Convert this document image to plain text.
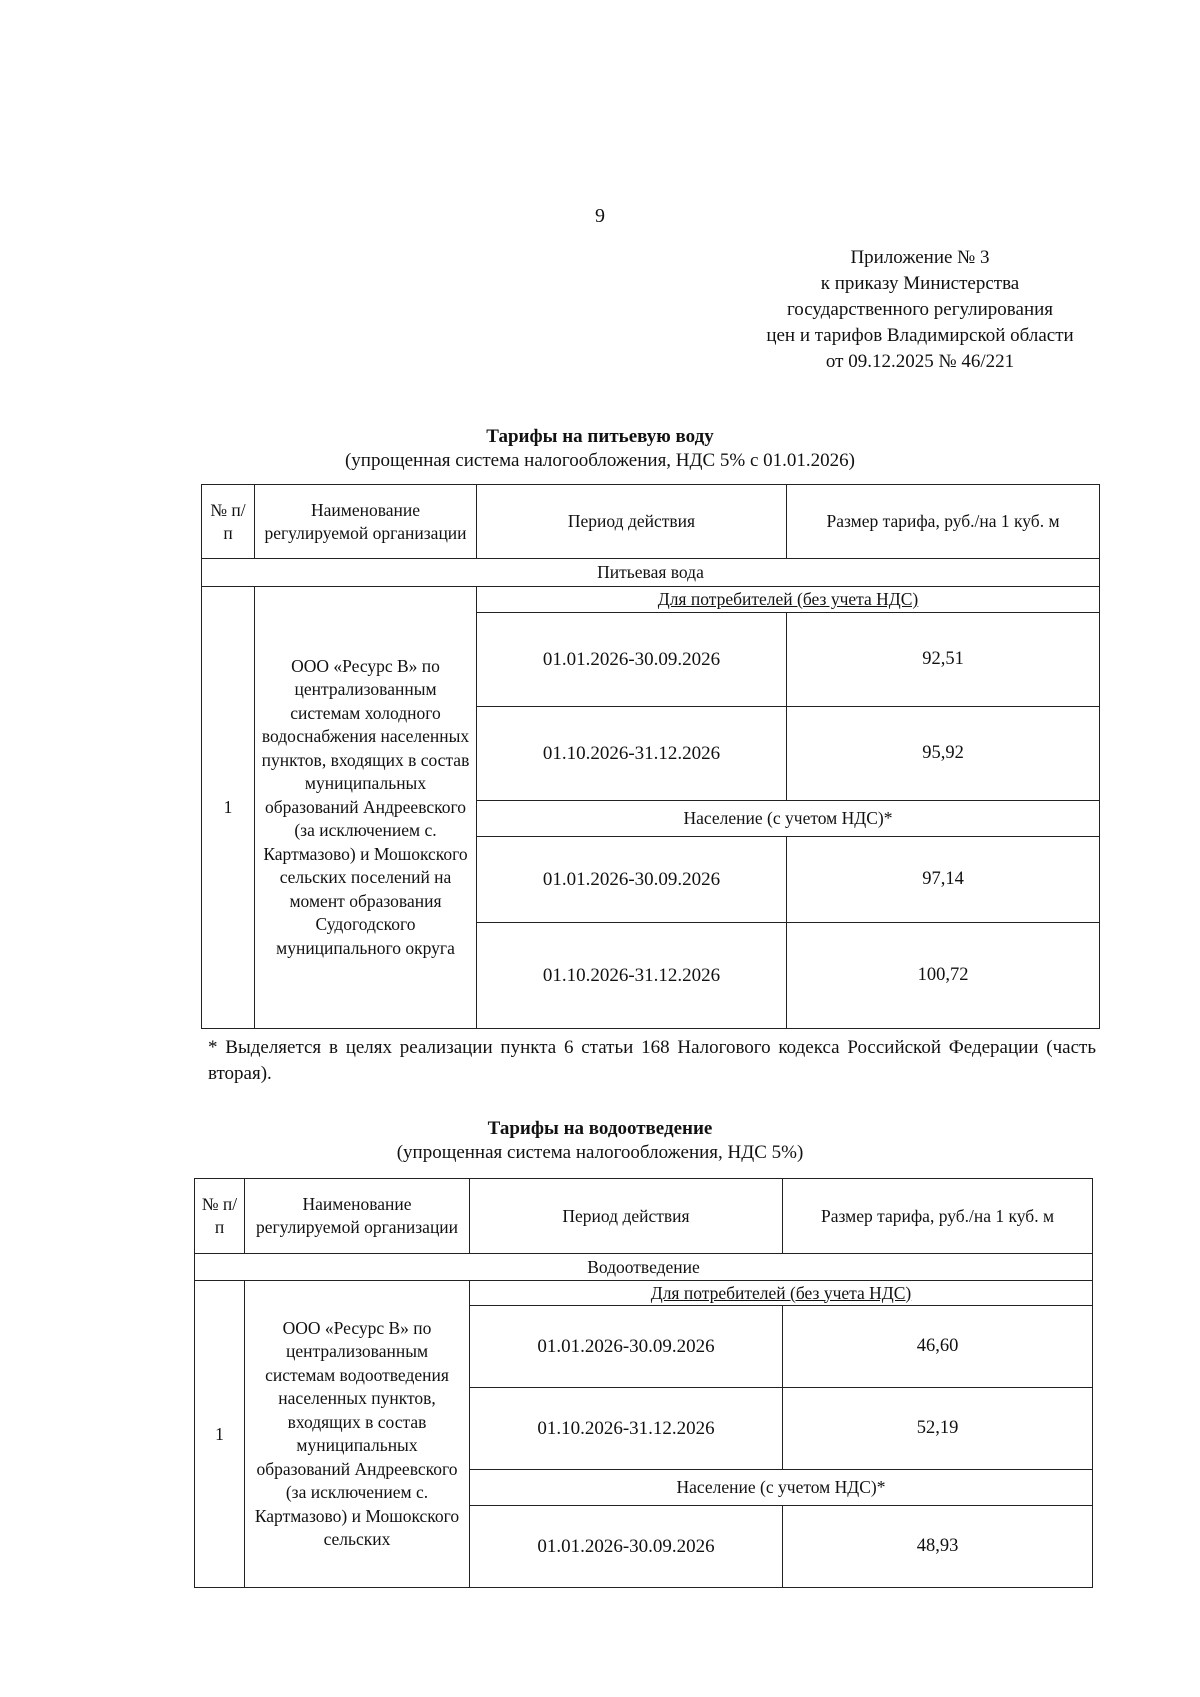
9
Приложение № 3
к приказу Министерства
государственного регулирования
цен и тарифов Владимирской области
от 09.12.2025 № 46/221
Тарифы на питьевую воду
(упрощенная система налогообложения, НДС 5% с 01.01.2026)
№ п/п	Наименование регулируемой организации	Период действия	Размер тарифа, руб./на 1 куб. м
Питьевая вода			
1	ООО «Ресурс В» по централизованным системам холодного водоснабжения населенных пунктов, входящих в состав муниципальных образований Андреевского (за исключением с. Картмазово) и Мошокского сельских поселений на момент образования Судогодского муниципального округа	Для потребителей (без учета НДС)	
		01.01.2026-30.09.2026	92,51
		01.10.2026-31.12.2026	95,92
		Население (с учетом НДС)*	
		01.01.2026-30.09.2026	97,14
		01.10.2026-31.12.2026	100,72
* Выделяется в целях реализации пункта 6 статьи 168 Налогового кодекса Российской Федерации (часть вторая).
Тарифы на водоотведение
(упрощенная система налогообложения, НДС 5%)
№ п/п	Наименование регулируемой организации	Период действия	Размер тарифа, руб./на 1 куб. м
Водоотведение			
1	ООО «Ресурс В» по централизованным системам водоотведения населенных пунктов, входящих в состав муниципальных образований Андреевского (за исключением с. Картмазово) и Мошокского сельских	Для потребителей (без учета НДС)	
		01.01.2026-30.09.2026	46,60
		01.10.2026-31.12.2026	52,19
		Население (с учетом НДС)*	
		01.01.2026-30.09.2026	48,93
